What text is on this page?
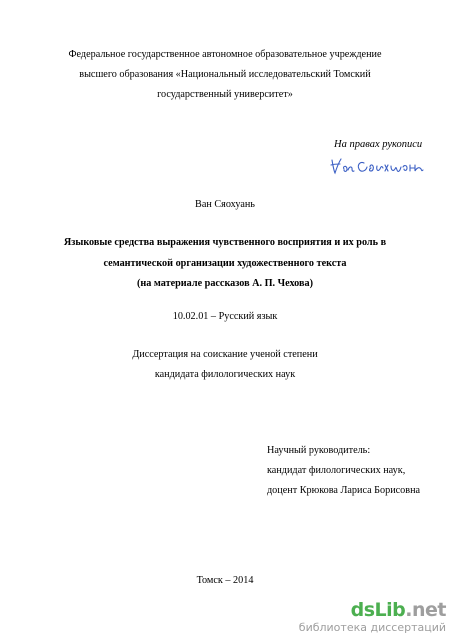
Федеральное государственное автономное образовательное учреждение

высшего образования «Национальный исследовательский Томский

государственный университет»

На правах рукописи
Ван Сяохуань

Языковые средства выражения чувственного восприятия и их роль в

семантической организации художественного текста

(на материале рассказов А. П. Чехова)

10.02.01 – Русский язык

Диссертация на соискание ученой степени

кандидата филологических наук

Научный руководитель:

кандидат филологических наук,

доцент Крюкова Лариса Борисовна

Томск – 2014
dsLib.net
библиотека диссертаций
